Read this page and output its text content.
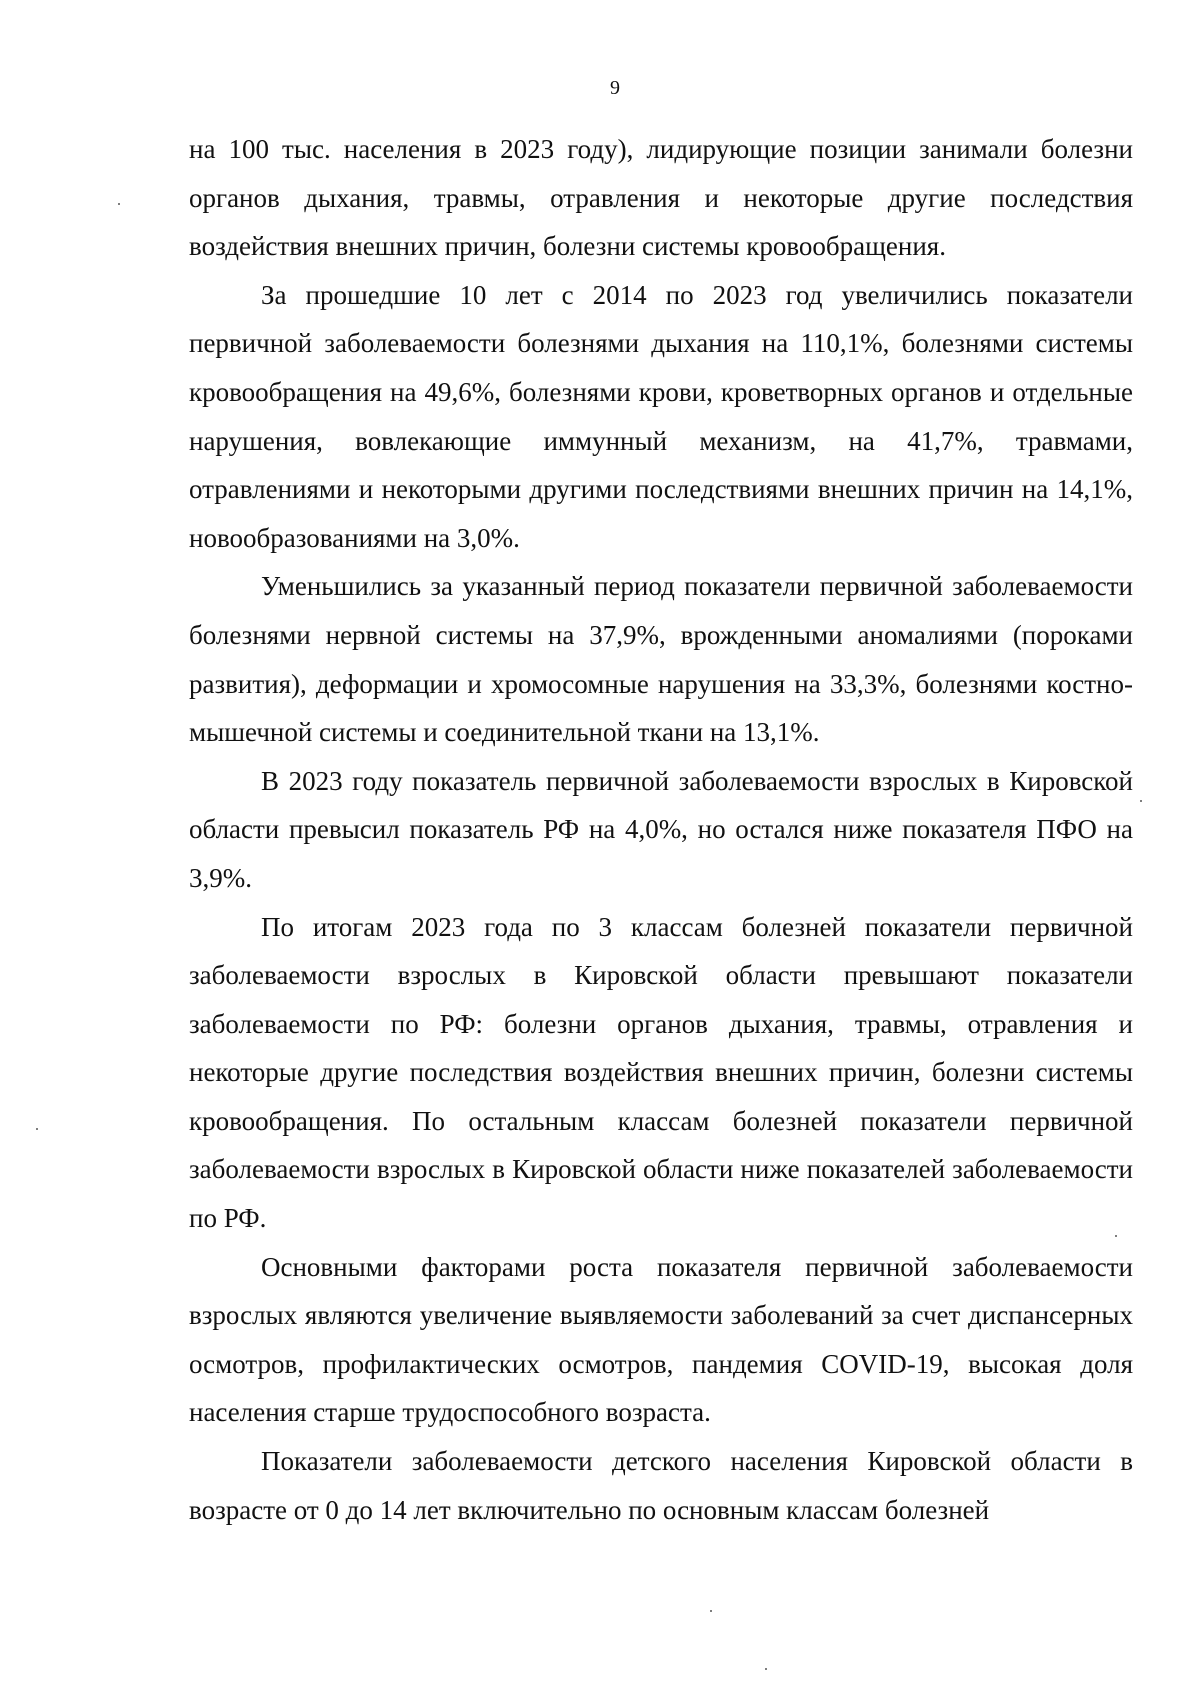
9

на 100 тыс. населения в 2023 году), лидирующие позиции занимали болезни органов дыхания, травмы, отравления и некоторые другие последствия воздействия внешних причин, болезни системы кровообращения.

За прошедшие 10 лет с 2014 по 2023 год увеличились показатели первичной заболеваемости болезнями дыхания на 110,1%, болезнями системы кровообращения на 49,6%, болезнями крови, кроветворных органов и отдельные нарушения, вовлекающие иммунный механизм, на 41,7%, травмами, отравлениями и некоторыми другими последствиями внешних причин на 14,1%, новообразованиями на 3,0%.

Уменьшились за указанный период показатели первичной заболеваемости болезнями нервной системы на 37,9%, врожденными аномалиями (пороками развития), деформации и хромосомные нарушения на 33,3%, болезнями костно-мышечной системы и соединительной ткани на 13,1%.

В 2023 году показатель первичной заболеваемости взрослых в Кировской области превысил показатель РФ на 4,0%, но остался ниже показателя ПФО на 3,9%.

По итогам 2023 года по 3 классам болезней показатели первичной заболеваемости взрослых в Кировской области превышают показатели заболеваемости по РФ: болезни органов дыхания, травмы, отравления и некоторые другие последствия воздействия внешних причин, болезни системы кровообращения. По остальным классам болезней показатели первичной заболеваемости взрослых в Кировской области ниже показателей заболеваемости по РФ.

Основными факторами роста показателя первичной заболеваемости взрослых являются увеличение выявляемости заболеваний за счет диспансерных осмотров, профилактических осмотров, пандемия COVID-19, высокая доля населения старше трудоспособного возраста.

Показатели заболеваемости детского населения Кировской области в возрасте от 0 до 14 лет включительно по основным классам болезней
